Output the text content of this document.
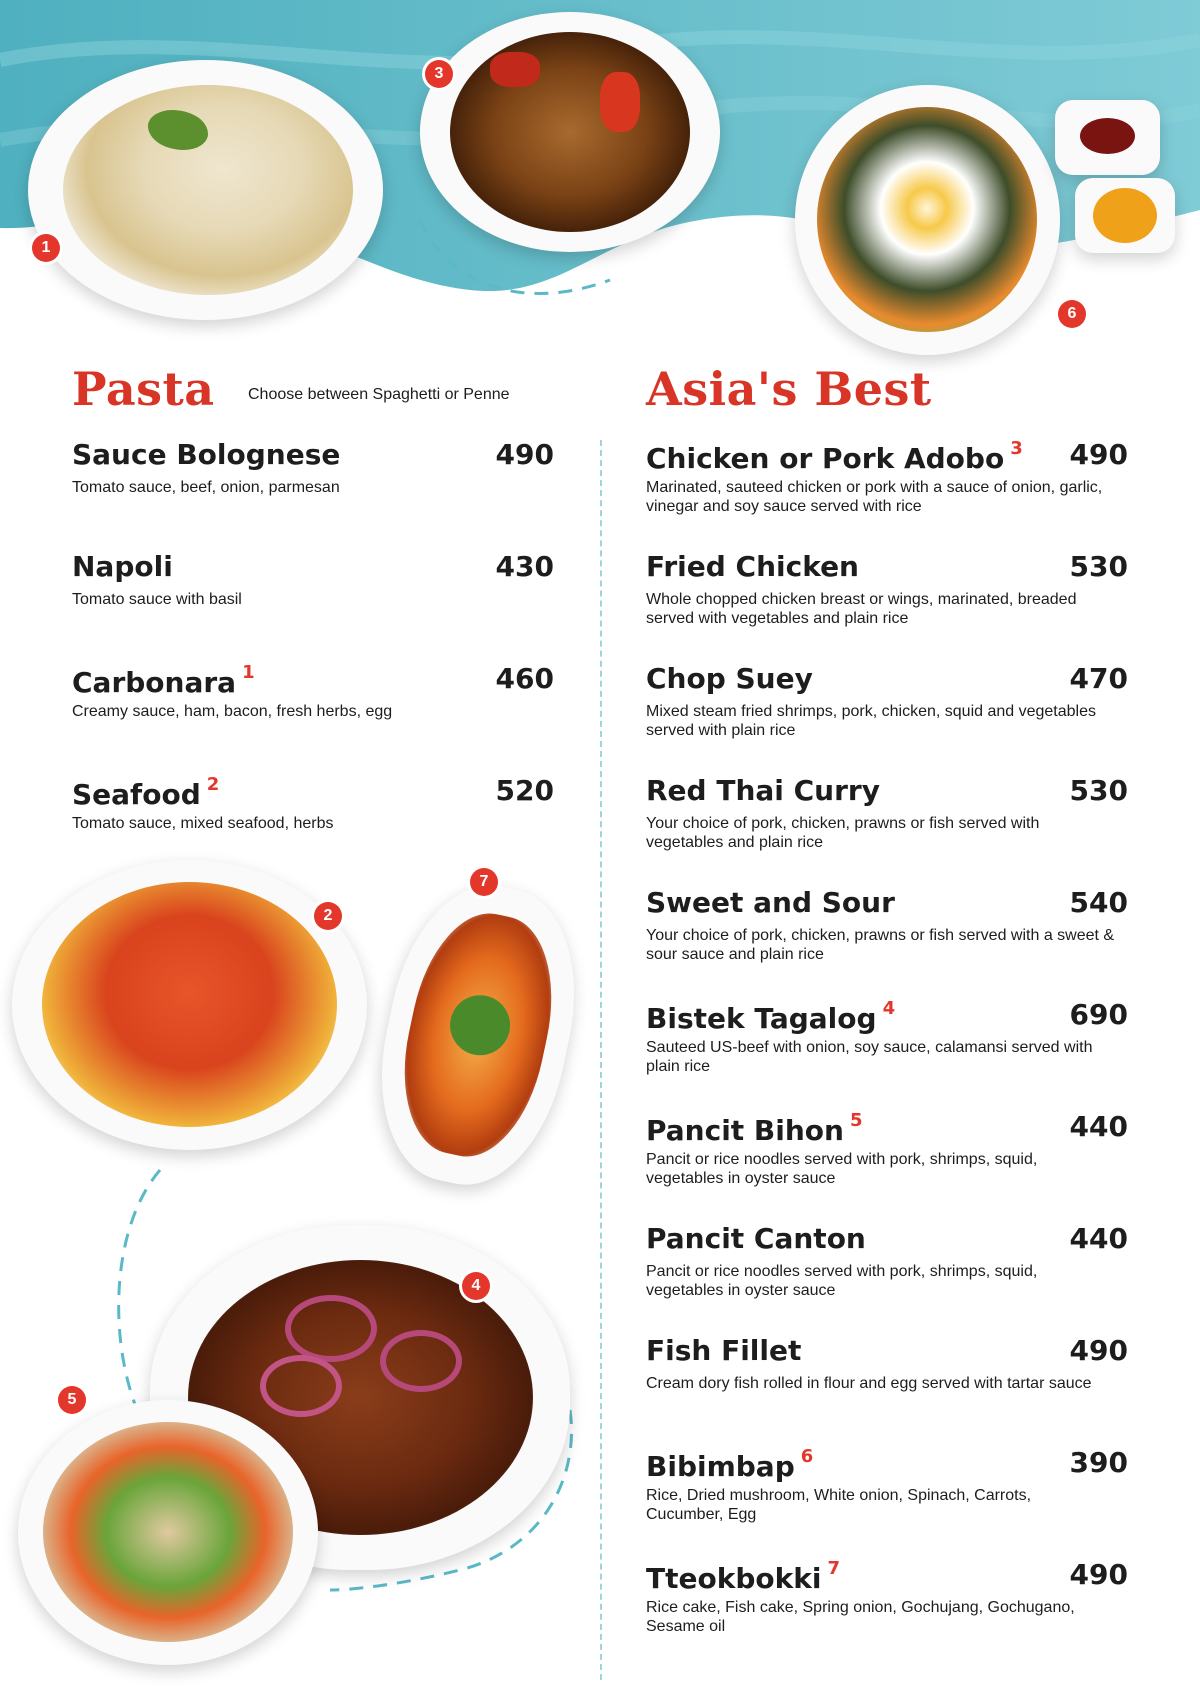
1
3
6
Pasta Choose between Spaghetti or Penne	Asia's Best
Sauce Bolognese	490
Tomato sauce, beef, onion, parmesan
Napoli	430
Tomato sauce with basil
Carbonara $^1$	460
Creamy sauce, ham, bacon, fresh herbs, egg
Seafood $^2$	520
Tomato sauce, mixed seafood, herbs
2
7
4
5
Chicken or Pork Adobo $^3$ 490
Marinated, sauteed chicken or pork with a sauce of onion, garlic, vinegar and soy sauce served with rice
Fried Chicken	530
Whole chopped chicken breast or wings, marinated, breaded served with vegetables and plain rice
Chop Suey	470
Mixed steam fried shrimps, pork, chicken, squid and vegetables served with plain rice
Red Thai Curry	530
Your choice of pork, chicken, prawns or fish served with vegetables and plain rice
Sweet and Sour	540
Your choice of pork, chicken, prawns or fish served with a sweet & sour sauce and plain rice
Bistek Tagalog $^4$	690
Sauteed US-beef with onion, soy sauce, calamansi served with plain rice
Pancit Bihon $^5$	440
Pancit or rice noodles served with pork, shrimps, squid, vegetables in oyster sauce
Pancit Canton	440
Pancit or rice noodles served with pork, shrimps, squid, vegetables in oyster sauce
Fish Fillet	490
Cream dory fish rolled in flour and egg served with tartar sauce
Bibimbap $^6$	390
Rice, Dried mushroom, White onion, Spinach, Carrots, Cucumber, Egg
Tteokbokki $^7$	490
Rice cake, Fish cake, Spring onion, Gochujang, Gochugano, Sesame oil
